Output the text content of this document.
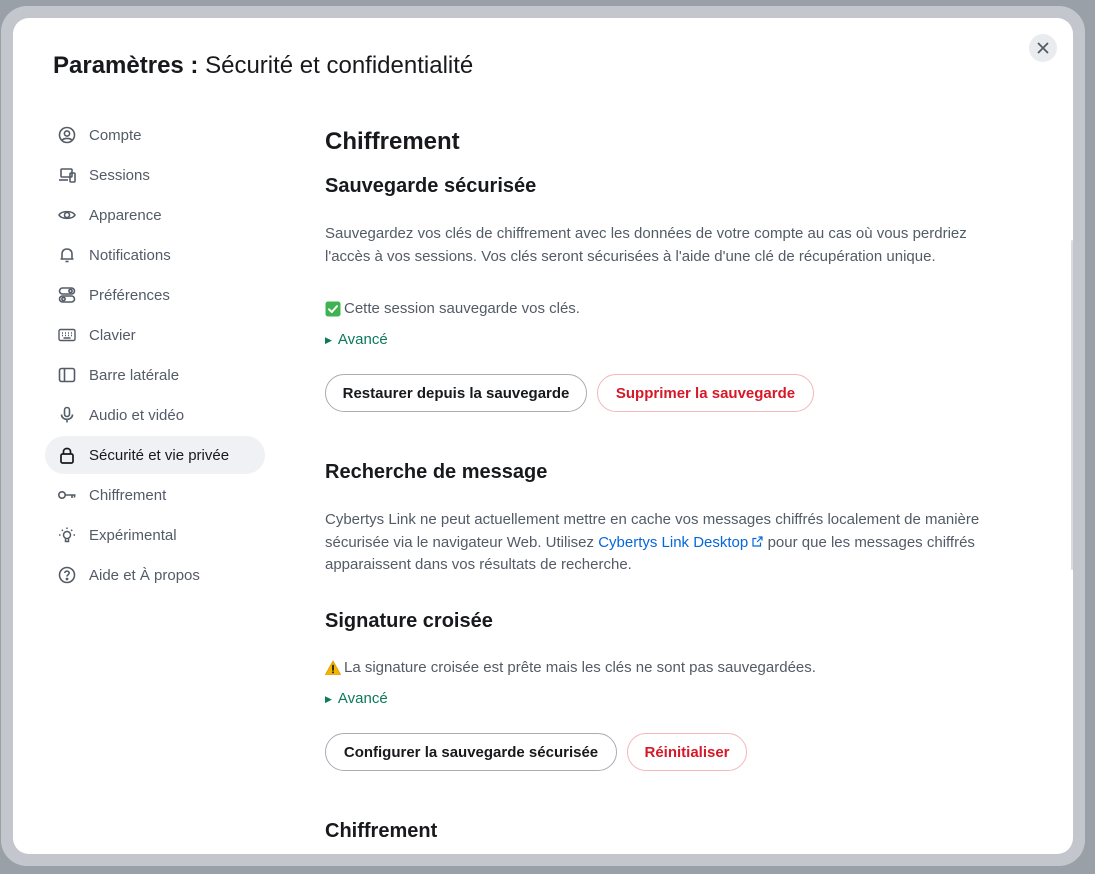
Paramètres : Sécurité et confidentialité
Compte
Sessions
Apparence
Notifications
Préférences
Clavier
Barre latérale
Audio et vidéo
Sécurité et vie privée
Chiffrement
Expérimental
Aide et À propos
Chiffrement
Sauvegarde sécurisée

Sauvegardez vos clés de chiffrement avec les données de votre compte au cas où vous perdriez l'accès à vos sessions. Vos clés seront sécurisées à l'aide d'une clé de récupération unique.

Cette session sauvegarde vos clés.
▶ Avancé
Restaurer depuis la sauvegarde	Supprimer la sauvegarde
Recherche de message

Cybertys Link ne peut actuellement mettre en cache vos messages chiffrés localement de manière sécurisée via le navigateur Web. Utilisez Cybertys Link Desktop  pour que les messages chiffrés apparaissent dans vos résultats de recherche.

Signature croisée
La signature croisée est prête mais les clés ne sont pas sauvegardées.
▶ Avancé
Configurer la sauvegarde sécurisée	Réinitialiser
Chiffrement
